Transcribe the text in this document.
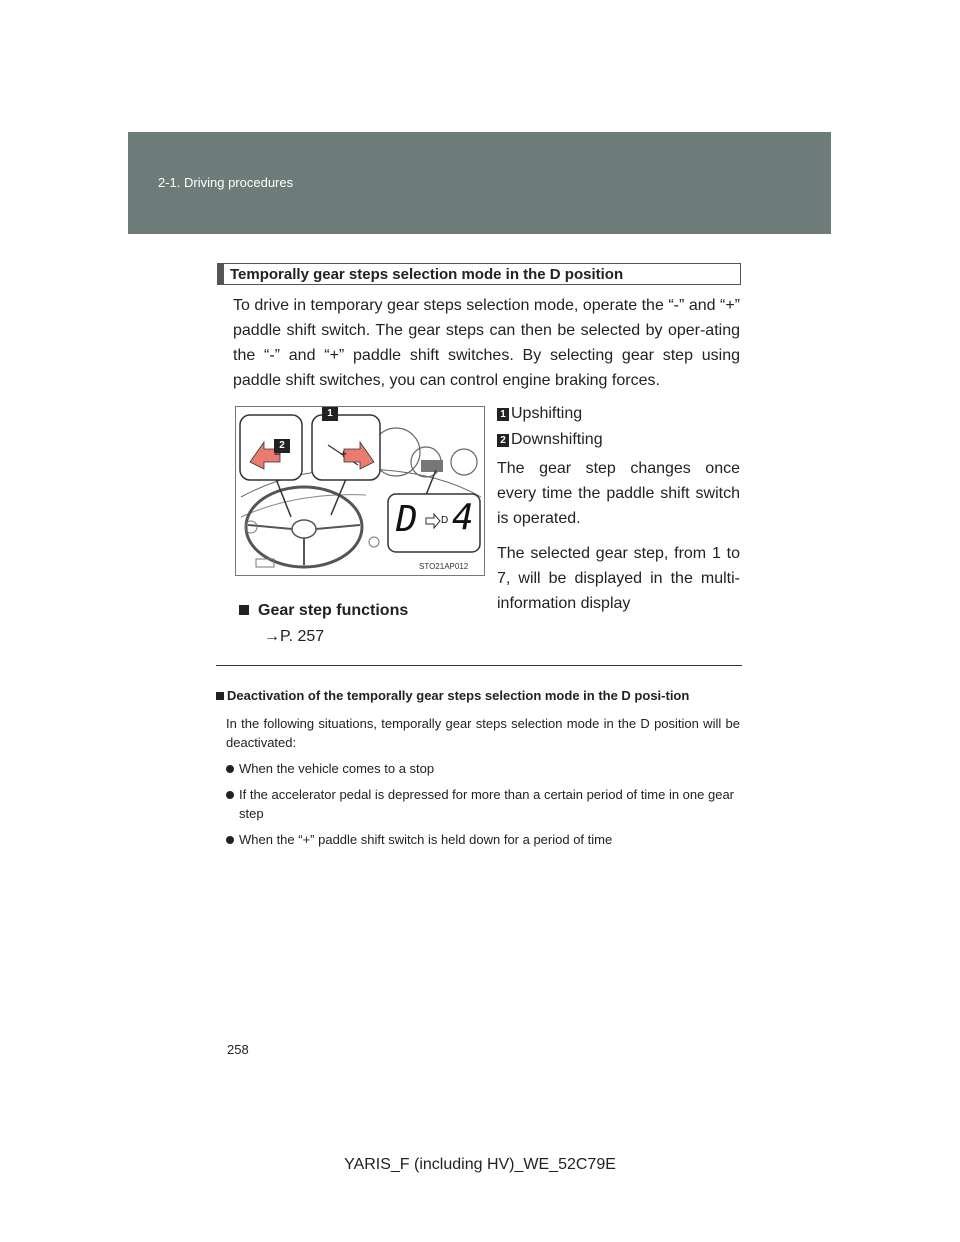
2-1. Driving procedures
Temporally gear steps selection mode in the D position
To drive in temporary gear steps selection mode, operate the “-” and “+” paddle shift switch. The gear steps can then be selected by oper-ating the “-” and “+” paddle shift switches. By selecting gear step using paddle shift switches, you can control engine braking forces.
2
1
−	+
D D 4
STO21AP012
1 Upshifting
2 Downshifting
The gear step changes once every time the paddle shift switch is operated.
The selected gear step, from 1 to 7, will be displayed in the multi-information display
Gear step functions
→P. 257
Deactivation of the temporally gear steps selection mode in the D posi-tion
In the following situations, temporally gear steps selection mode in the D position will be deactivated:
When the vehicle comes to a stop
If the accelerator pedal is depressed for more than a certain period of time in one gear step
When the “+” paddle shift switch is held down for a period of time
258
YARIS_F (including HV)_WE_52C79E
